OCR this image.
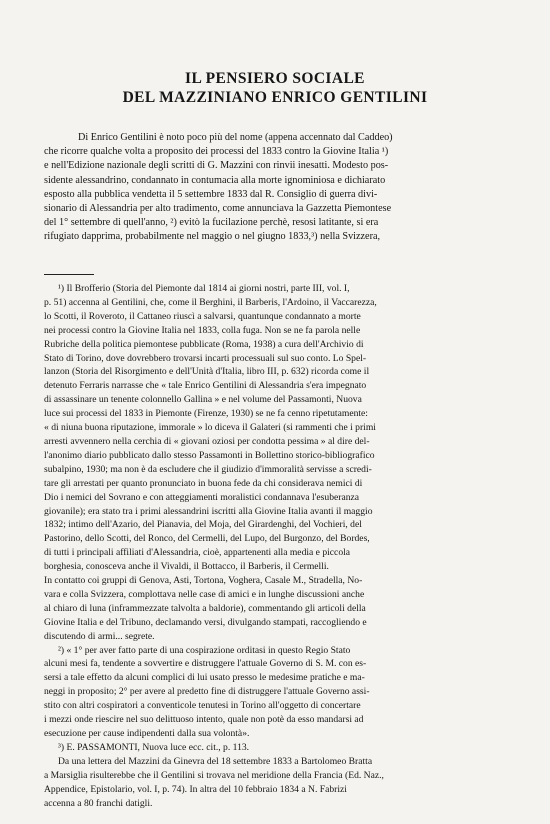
IL PENSIERO SOCIALE
DEL MAZZINIANO ENRICO GENTILINI
Di Enrico Gentilini è noto poco più del nome (appena accennato dal Caddeo)
che ricorre qualche volta a proposito dei processi del 1833 contro la Giovine Italia ¹)
e nell'Edizione nazionale degli scritti di G. Mazzini con rinvii inesatti. Modesto pos-
sidente alessandrino, condannato in contumacia alla morte ignominiosa e dichiarato
esposto alla pubblica vendetta il 5 settembre 1833 dal R. Consiglio di guerra divi-
sionario di Alessandria per alto tradimento, come annunciava la Gazzetta Piemontese
del 1° settembre di quell'anno, ²) evitò la fucilazione perchè, resosi latitante, si era
rifugiato dapprima, probabilmente nel maggio o nel giugno 1833,³) nella Svizzera,
¹) Il Brofferio (Storia del Piemonte dal 1814 ai giorni nostri, parte III, vol. I,
p. 51) accenna al Gentilini, che, come il Berghini, il Barberis, l'Ardoino, il Vaccarezza,
lo Scotti, il Roveroto, il Cattaneo riuscì a salvarsi, quantunque condannato a morte
nei processi contro la Giovine Italia nel 1833, colla fuga. Non se ne fa parola nelle
Rubriche della politica piemontese pubblicate (Roma, 1938) a cura dell'Archivio di
Stato di Torino, dove dovrebbero trovarsi incarti processuali sul suo conto. Lo Spel-
lanzon (Storia del Risorgimento e dell'Unità d'Italia, libro III, p. 632) ricorda come il
detenuto Ferraris narrasse che « tale Enrico Gentilini di Alessandria s'era impegnato
di assassinare un tenente colonnello Gallina » e nel volume del Passamonti, Nuova
luce sui processi del 1833 in Piemonte (Firenze, 1930) se ne fa cenno ripetutamente:
« di niuna buona riputazione, immorale » lo diceva il Galateri (si rammenti che i primi
arresti avvennero nella cerchia di « giovani oziosi per condotta pessima » al dire del-
l'anonimo diario pubblicato dallo stesso Passamonti in Bollettino storico-bibliografico
subalpino, 1930; ma non è da escludere che il giudizio d'immoralità servisse a scredi-
tare gli arrestati per quanto pronunciato in buona fede da chi considerava nemici di
Dio i nemici del Sovrano e con atteggiamenti moralistici condannava l'esuberanza
giovanile); era stato tra i primi alessandrini iscritti alla Giovine Italia avanti il maggio
1832; intimo dell'Azario, del Pianavia, del Moja, del Girardenghi, del Vochieri, del
Pastorino, dello Scotti, del Ronco, del Cermelli, del Lupo, del Burgonzo, del Bordes,
di tutti i principali affiliati d'Alessandria, cioè, appartenenti alla media e piccola
borghesia, conosceva anche il Vivaldi, il Bottacco, il Barberis, il Cermelli.
In contatto coi gruppi di Genova, Asti, Tortona, Voghera, Casale M., Stradella, No-
vara e colla Svizzera, complottava nelle case di amici e in lunghe discussioni anche
al chiaro di luna (inframmezzate talvolta a baldorie), commentando gli articoli della
Giovine Italia e del Tribuno, declamando versi, divulgando stampati, raccogliendo e
discutendo di armi... segrete.
²) « 1° per aver fatto parte di una cospirazione orditasi in questo Regio Stato
alcuni mesi fa, tendente a sovvertire e distruggere l'attuale Governo di S. M. con es-
sersi a tale effetto da alcuni complici di lui usato presso le medesime pratiche e ma-
neggi in proposito; 2° per avere al predetto fine di distruggere l'attuale Governo assi-
stito con altri cospiratori a conventicole tenutesi in Torino all'oggetto di concertare
i mezzi onde riescire nel suo delittuoso intento, quale non potè da esso mandarsi ad
esecuzione per cause indipendenti dalla sua volontà».
³) E. PASSAMONTI, Nuova luce ecc. cit., p. 113.
Da una lettera del Mazzini da Ginevra del 18 settembre 1833 a Bartolomeo Bratta
a Marsiglia risulterebbe che il Gentilini si trovava nel meridione della Francia (Ed. Naz.,
Appendice, Epistolario, vol. I, p. 74). In altra del 10 febbraio 1834 a N. Fabrizi
accenna a 80 franchi datigli.
